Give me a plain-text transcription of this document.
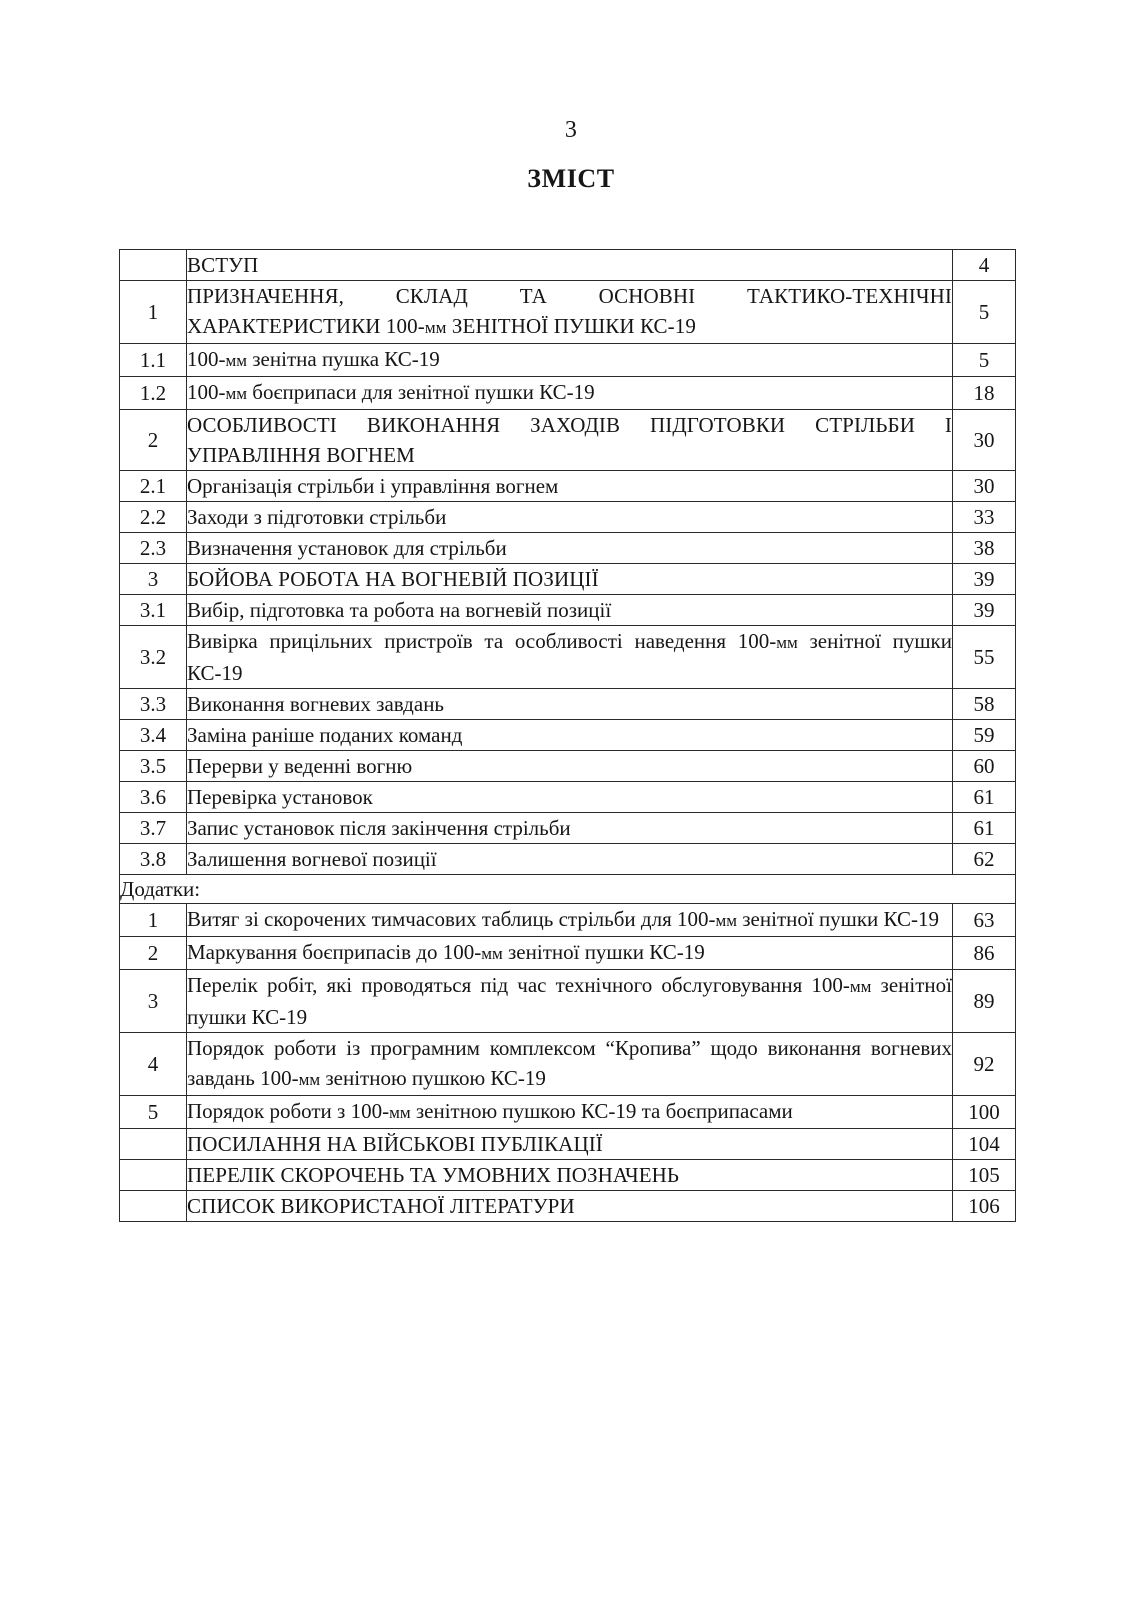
3
ЗМІСТ
	ВСТУП	4
1	ПРИЗНАЧЕННЯ, СКЛАД ТА ОСНОВНІ ТАКТИКО-ТЕХНІЧНІ ХАРАКТЕРИСТИКИ 100-мм ЗЕНІТНОЇ ПУШКИ КС-19	5
1.1	100-мм зенітна пушка КС-19	5
1.2	100-мм боєприпаси для зенітної пушки КС-19	18
2	ОСОБЛИВОСТІ ВИКОНАННЯ ЗАХОДІВ ПІДГОТОВКИ СТРІЛЬБИ І УПРАВЛІННЯ ВОГНЕМ	30
2.1	Організація стрільби і управління вогнем	30
2.2	Заходи з підготовки стрільби	33
2.3	Визначення установок для стрільби	38
3	БОЙОВА РОБОТА НА ВОГНЕВІЙ ПОЗИЦІЇ	39
3.1	Вибір, підготовка та робота на вогневій позиції	39
3.2	Вивірка прицільних пристроїв та особливості наведення 100-мм зенітної пушки КС-19	55
3.3	Виконання вогневих завдань	58
3.4	Заміна раніше поданих команд	59
3.5	Перерви у веденні вогню	60
3.6	Перевірка установок	61
3.7	Запис установок після закінчення стрільби	61
3.8	Залишення вогневої позиції	62
Додатки:		
1	Витяг зі скорочених тимчасових таблиць стрільби для 100-мм зенітної пушки КС-19	63
2	Маркування боєприпасів до 100-мм зенітної пушки КС-19	86
3	Перелік робіт, які проводяться під час технічного обслуговування 100-мм зенітної пушки КС-19	89
4	Порядок роботи із програмним комплексом “Кропива” щодо виконання вогневих завдань 100-мм зенітною пушкою КС-19	92
5	Порядок роботи з 100-мм зенітною пушкою КС-19 та боєприпасами	100
	ПОСИЛАННЯ НА ВІЙСЬКОВІ ПУБЛІКАЦІЇ	104
	ПЕРЕЛІК СКОРОЧЕНЬ ТА УМОВНИХ ПОЗНАЧЕНЬ	105
	СПИСОК ВИКОРИСТАНОЇ ЛІТЕРАТУРИ	106
